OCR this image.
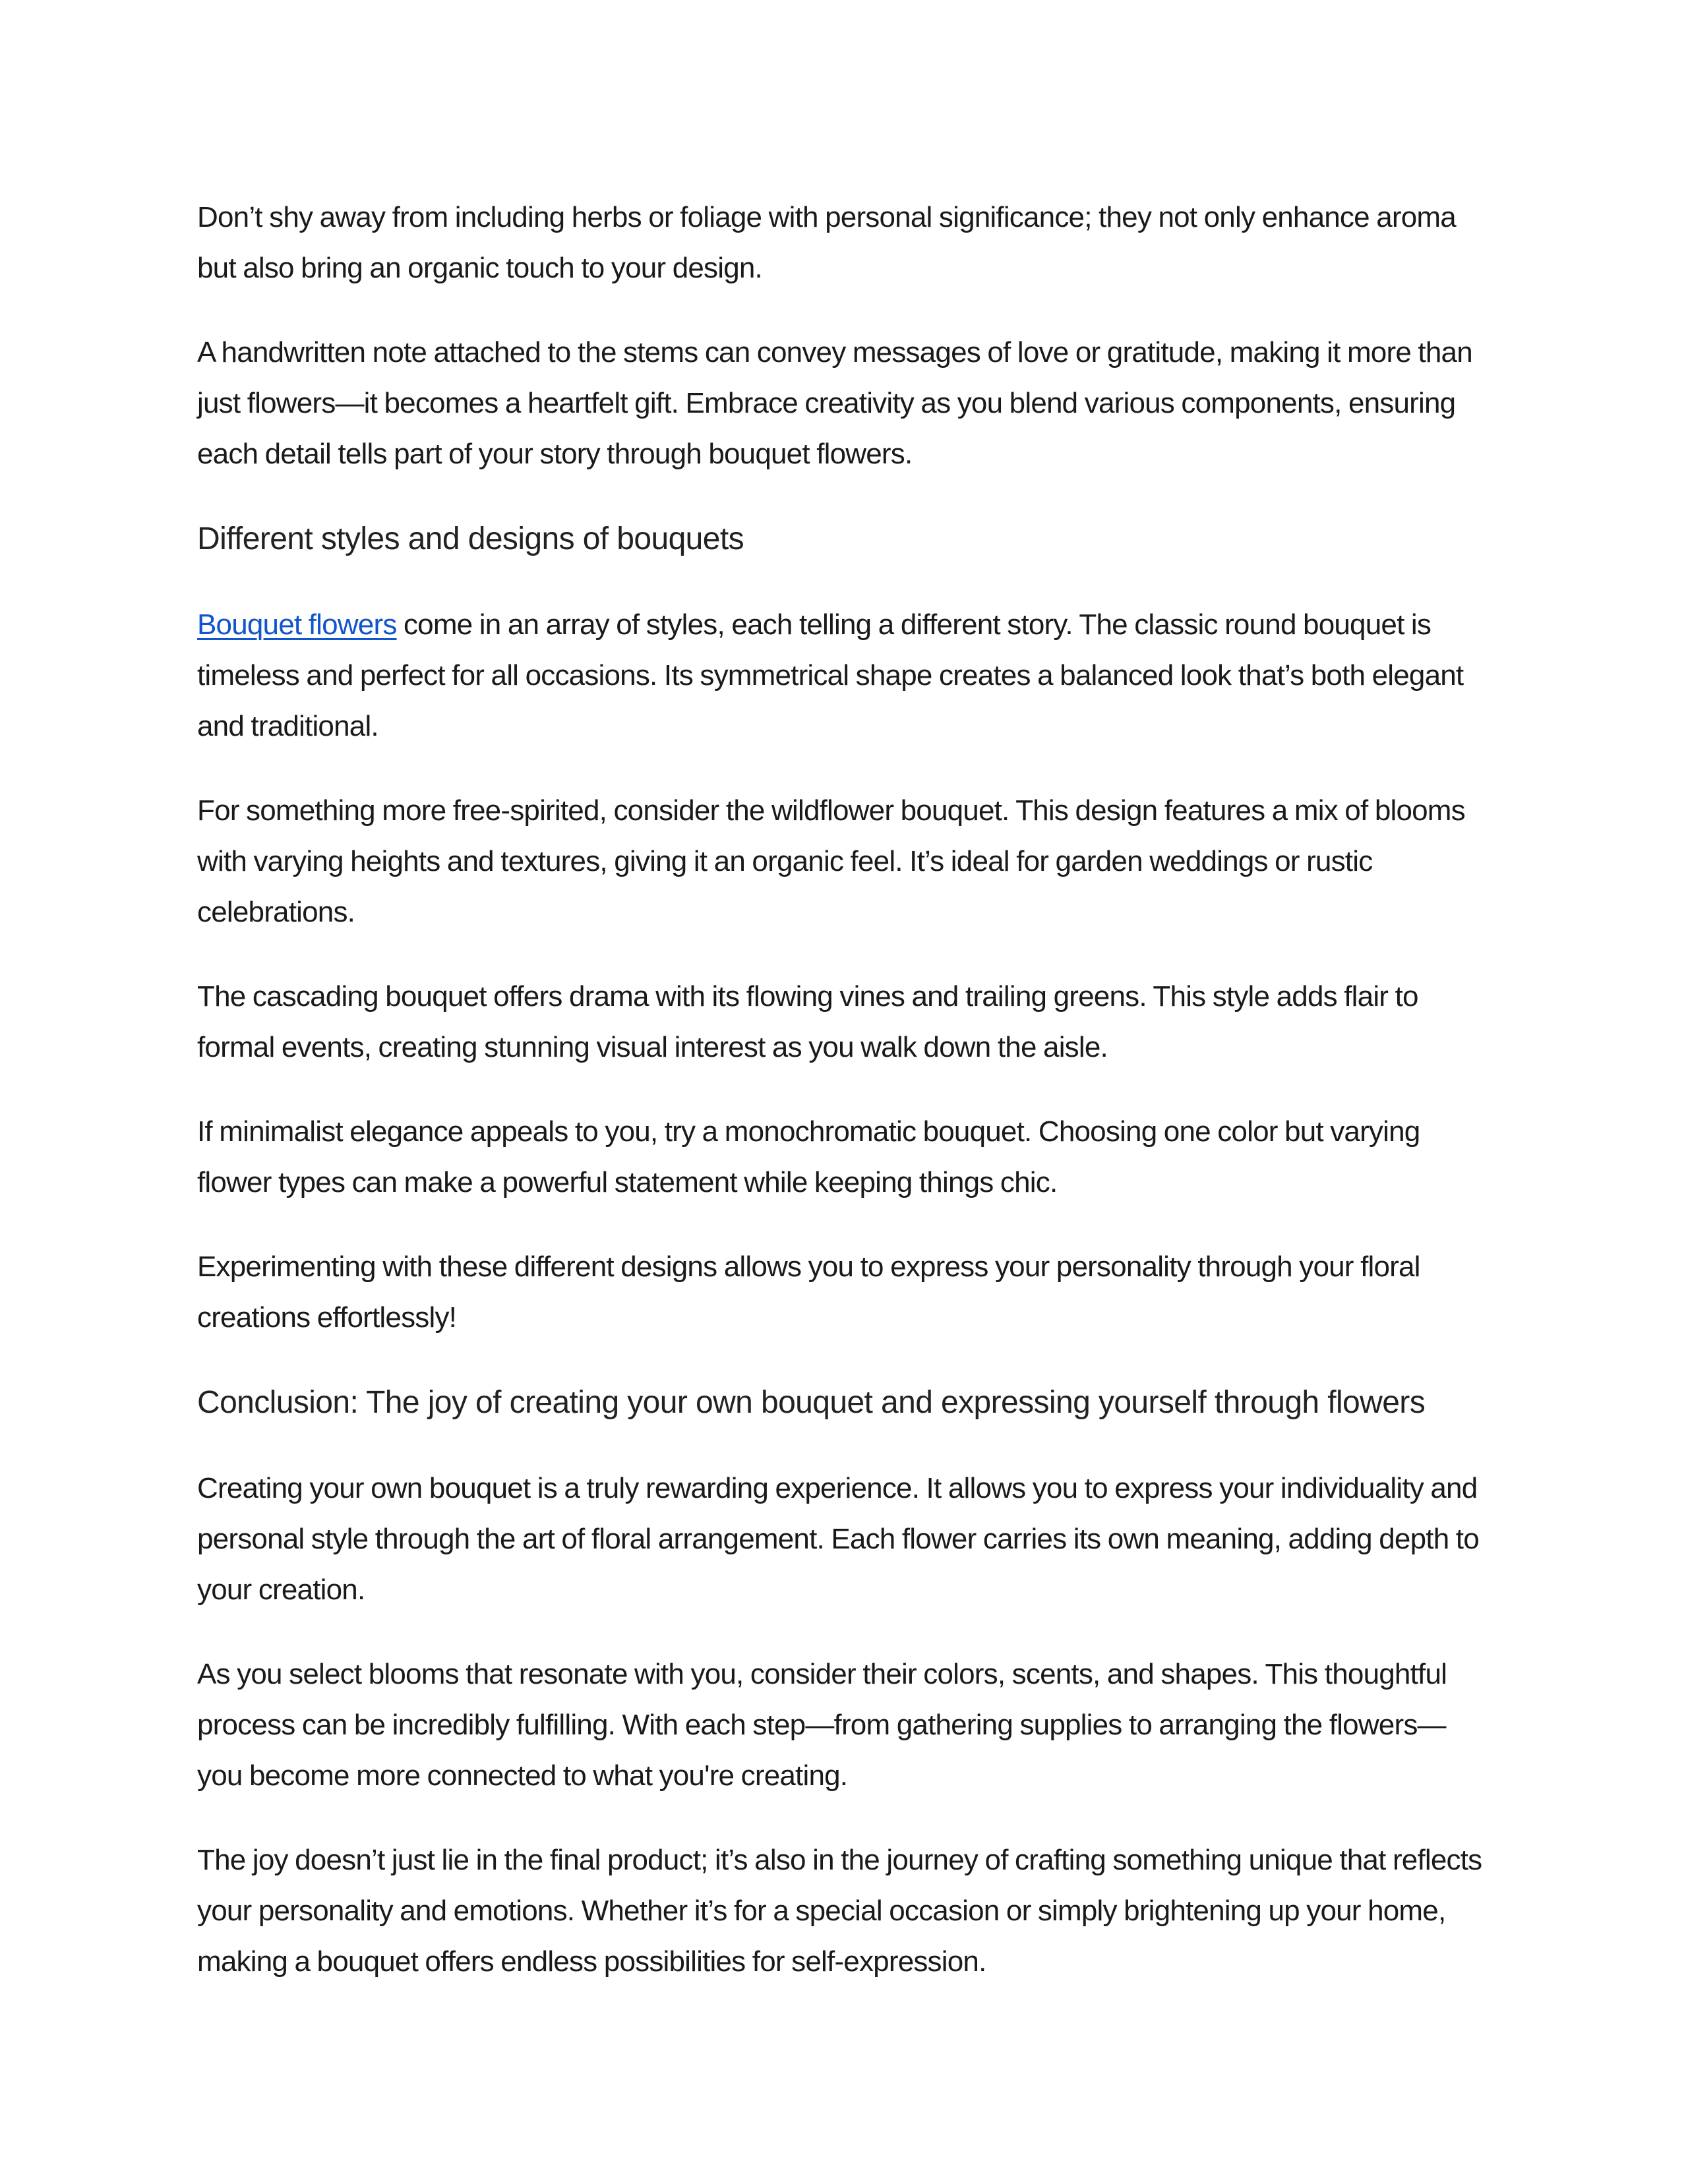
Don’t shy away from including herbs or foliage with personal significance; they not only enhance aroma but also bring an organic touch to your design.

A handwritten note attached to the stems can convey messages of love or gratitude, making it more than just flowers—it becomes a heartfelt gift. Embrace creativity as you blend various components, ensuring each detail tells part of your story through bouquet flowers.

Different styles and designs of bouquets

Bouquet flowers come in an array of styles, each telling a different story. The classic round bouquet is timeless and perfect for all occasions. Its symmetrical shape creates a balanced look that’s both elegant and traditional.

For something more free-spirited, consider the wildflower bouquet. This design features a mix of blooms with varying heights and textures, giving it an organic feel. It’s ideal for garden weddings or rustic celebrations.

The cascading bouquet offers drama with its flowing vines and trailing greens. This style adds flair to formal events, creating stunning visual interest as you walk down the aisle.

If minimalist elegance appeals to you, try a monochromatic bouquet. Choosing one color but varying flower types can make a powerful statement while keeping things chic.

Experimenting with these different designs allows you to express your personality through your floral creations effortlessly!

Conclusion: The joy of creating your own bouquet and expressing yourself through flowers

Creating your own bouquet is a truly rewarding experience. It allows you to express your individuality and personal style through the art of floral arrangement. Each flower carries its own meaning, adding depth to your creation.

As you select blooms that resonate with you, consider their colors, scents, and shapes. This thoughtful process can be incredibly fulfilling. With each step—from gathering supplies to arranging the flowers—you become more connected to what you're creating.

The joy doesn’t just lie in the final product; it’s also in the journey of crafting something unique that reflects your personality and emotions. Whether it’s for a special occasion or simply brightening up your home, making a bouquet offers endless possibilities for self-expression.
